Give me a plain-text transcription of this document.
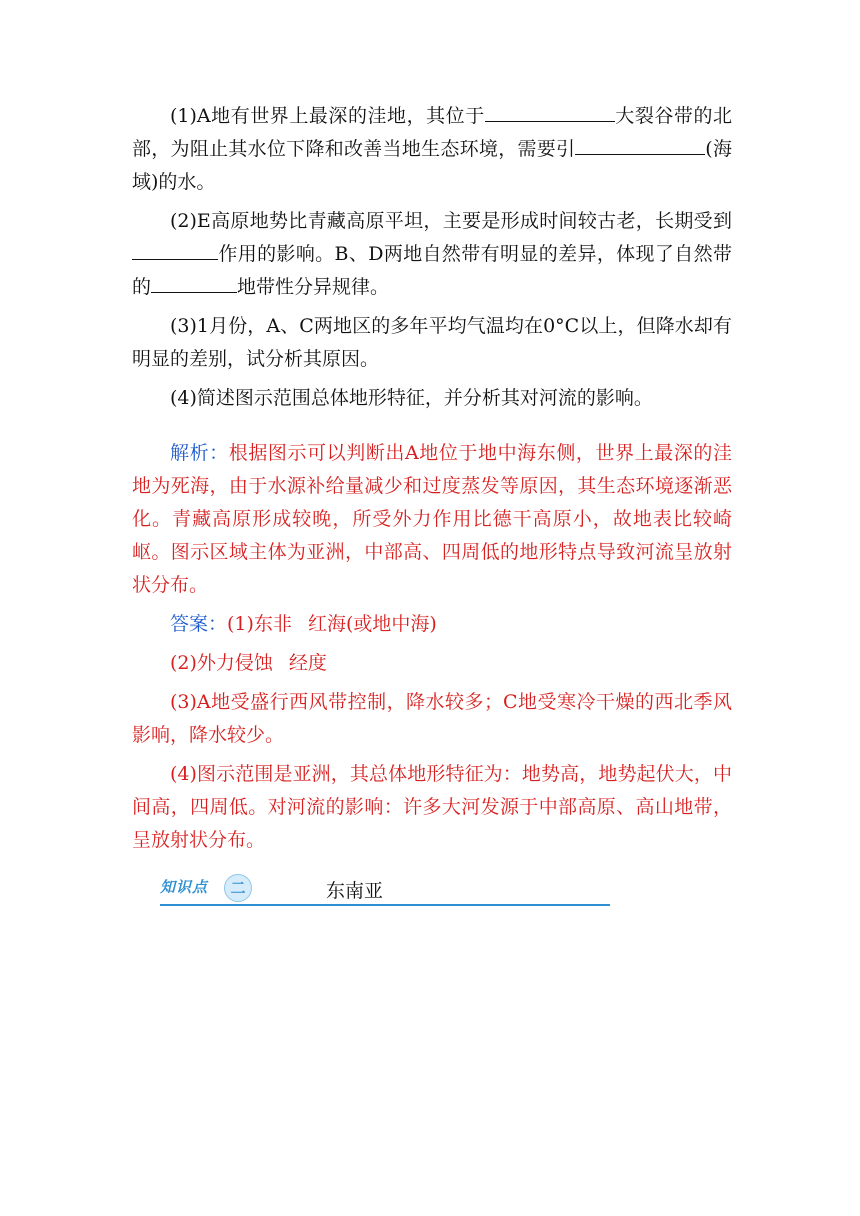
(1)A地有世界上最深的洼地，其位于	大裂谷带的北部，为阻止其水位下降和改善当地生态环境，需要引	(海域)的水。

(2)E高原地势比青藏高原平坦，主要是形成时间较古老，长期受到作用的影响。B、D两地自然带有明显的差异，体现了自然带的	地带性分异规律。

(3)1月份，A、C两地区的多年平均气温均在0°C以上，但降水却有明显的差别，试分析其原因。

(4)简述图示范围总体地形特征，并分析其对河流的影响。

解析：根据图示可以判断出A地位于地中海东侧，世界上最深的洼地为死海，由于水源补给量减少和过度蒸发等原因，其生态环境逐渐恶化。青藏高原形成较晚，所受外力作用比德干高原小，故地表比较崎岖。图示区域主体为亚洲，中部高、四周低的地形特点导致河流呈放射状分布。

答案：(1)东非 红海(或地中海)

(2)外力侵蚀 经度

(3)A地受盛行西风带控制，降水较多；C地受寒冷干燥的西北季风影响，降水较少。

(4)图示范围是亚洲，其总体地形特征为：地势高，地势起伏大，中间高，四周低。对河流的影响：许多大河发源于中部高原、高山地带，呈放射状分布。

知识点	二	东南亚
